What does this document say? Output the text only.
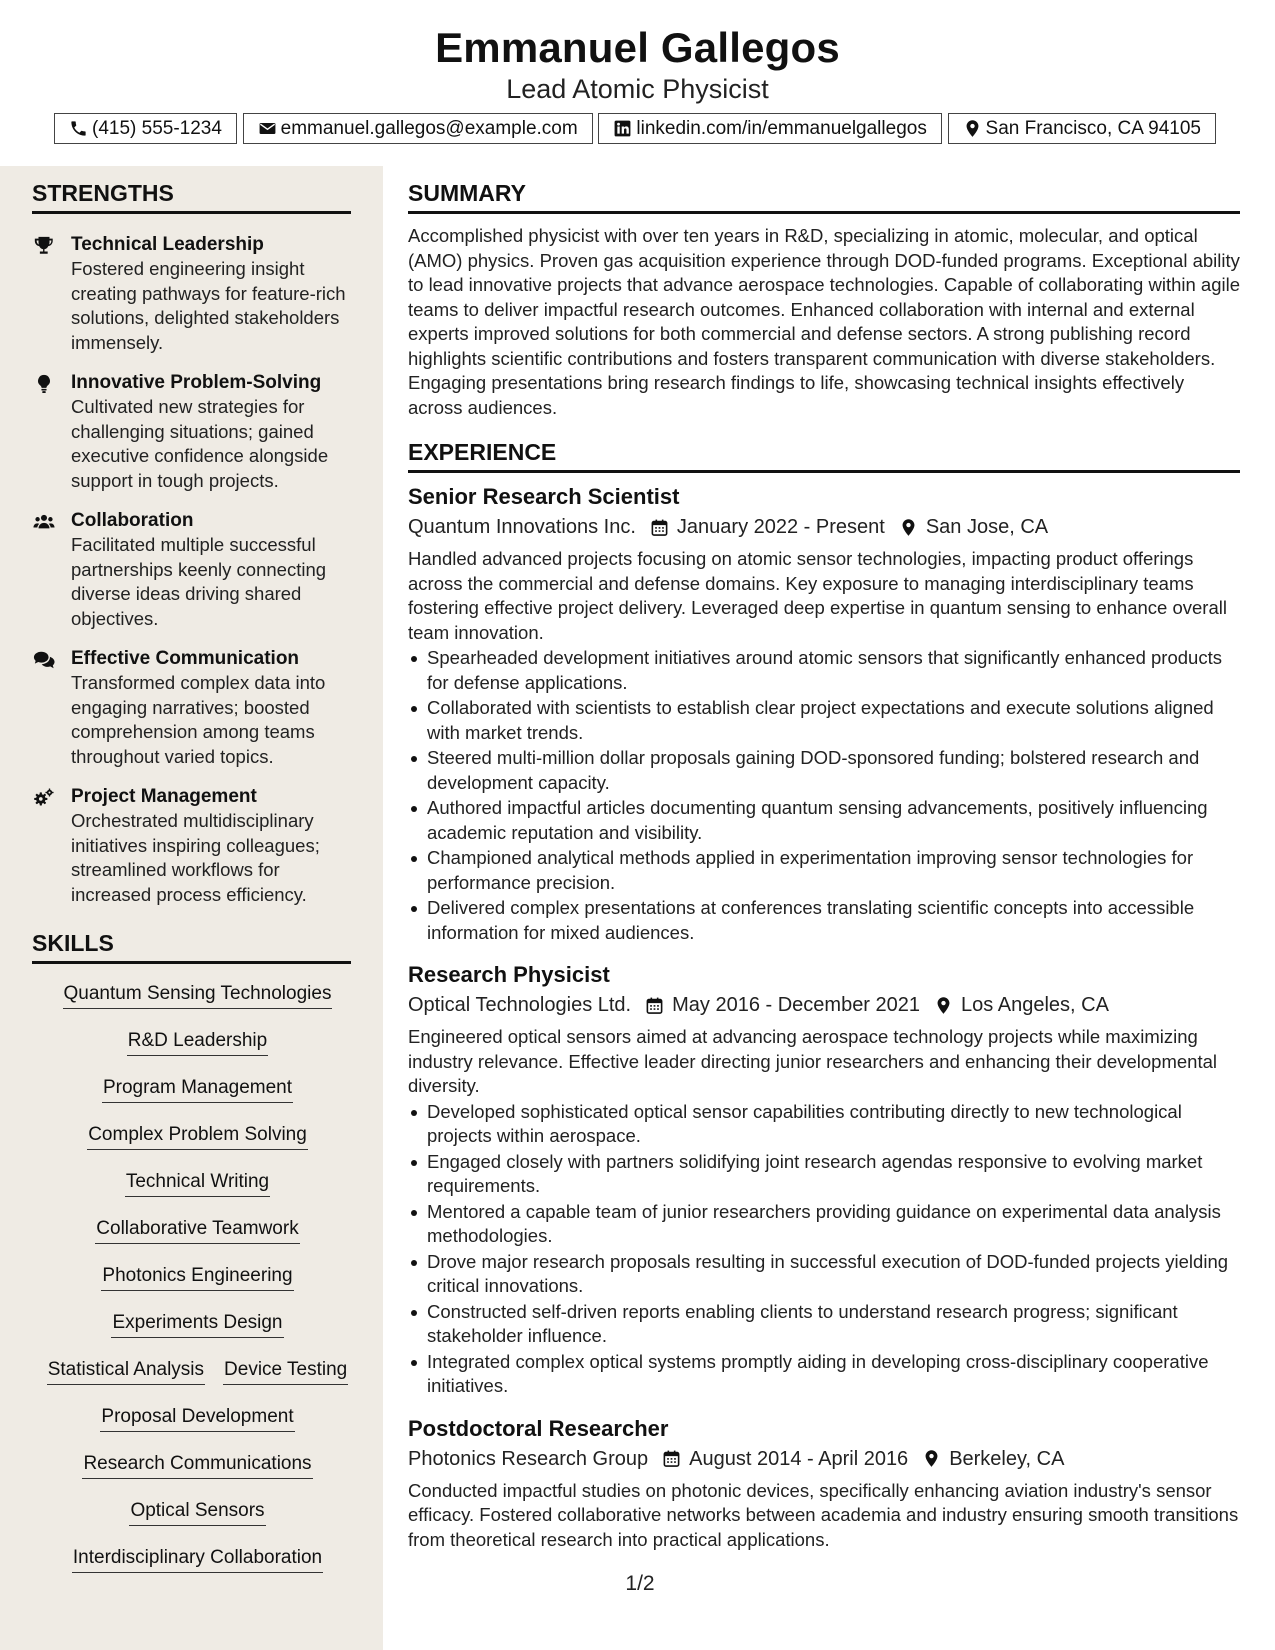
Emmanuel Gallegos
Lead Atomic Physicist
(415) 555-1234	emmanuel.gallegos@example.com	linkedin.com/in/emmanuelgallegos	San Francisco, CA 94105
STRENGTHS
Technical Leadership
Fostered engineering insight creating pathways for feature-rich solutions, delighted stakeholders immensely.
Innovative Problem-Solving
Cultivated new strategies for challenging situations; gained executive confidence alongside support in tough projects.
Collaboration
Facilitated multiple successful partnerships keenly connecting diverse ideas driving shared objectives.
Effective Communication
Transformed complex data into engaging narratives; boosted comprehension among teams throughout varied topics.
Project Management
Orchestrated multidisciplinary initiatives inspiring colleagues; streamlined workflows for increased process efficiency.
SKILLS
Quantum Sensing Technologies
R&D Leadership
Program Management
Complex Problem Solving
Technical Writing
Collaborative Teamwork
Photonics Engineering
Experiments Design
Statistical Analysis Device Testing
Proposal Development
Research Communications
Optical Sensors
Interdisciplinary Collaboration
SUMMARY
Accomplished physicist with over ten years in R&D, specializing in atomic, molecular, and optical (AMO) physics. Proven gas acquisition experience through DOD-funded programs. Exceptional ability to lead innovative projects that advance aerospace technologies. Capable of collaborating within agile teams to deliver impactful research outcomes. Enhanced collaboration with internal and external experts improved solutions for both commercial and defense sectors. A strong publishing record highlights scientific contributions and fosters transparent communication with diverse stakeholders. Engaging presentations bring research findings to life, showcasing technical insights effectively across audiences.
EXPERIENCE
Senior Research Scientist
Quantum Innovations Inc. January 2022 - Present San Jose, CA
Handled advanced projects focusing on atomic sensor technologies, impacting product offerings across the commercial and defense domains. Key exposure to managing interdisciplinary teams fostering effective project delivery. Leveraged deep expertise in quantum sensing to enhance overall team innovation.
Spearheaded development initiatives around atomic sensors that significantly enhanced products for defense applications.
Collaborated with scientists to establish clear project expectations and execute solutions aligned with market trends.
Steered multi-million dollar proposals gaining DOD-sponsored funding; bolstered research and development capacity.
Authored impactful articles documenting quantum sensing advancements, positively influencing academic reputation and visibility.
Championed analytical methods applied in experimentation improving sensor technologies for performance precision.
Delivered complex presentations at conferences translating scientific concepts into accessible information for mixed audiences.
Research Physicist
Optical Technologies Ltd. May 2016 - December 2021 Los Angeles, CA
Engineered optical sensors aimed at advancing aerospace technology projects while maximizing industry relevance. Effective leader directing junior researchers and enhancing their developmental diversity.
Developed sophisticated optical sensor capabilities contributing directly to new technological projects within aerospace.
Engaged closely with partners solidifying joint research agendas responsive to evolving market requirements.
Mentored a capable team of junior researchers providing guidance on experimental data analysis methodologies.
Drove major research proposals resulting in successful execution of DOD-funded projects yielding critical innovations.
Constructed self-driven reports enabling clients to understand research progress; significant stakeholder influence.
Integrated complex optical systems promptly aiding in developing cross-disciplinary cooperative initiatives.
Postdoctoral Researcher
Photonics Research Group August 2014 - April 2016 Berkeley, CA
Conducted impactful studies on photonic devices, specifically enhancing aviation industry's sensor efficacy. Fostered collaborative networks between academia and industry ensuring smooth transitions from theoretical research into practical applications.
1/2
